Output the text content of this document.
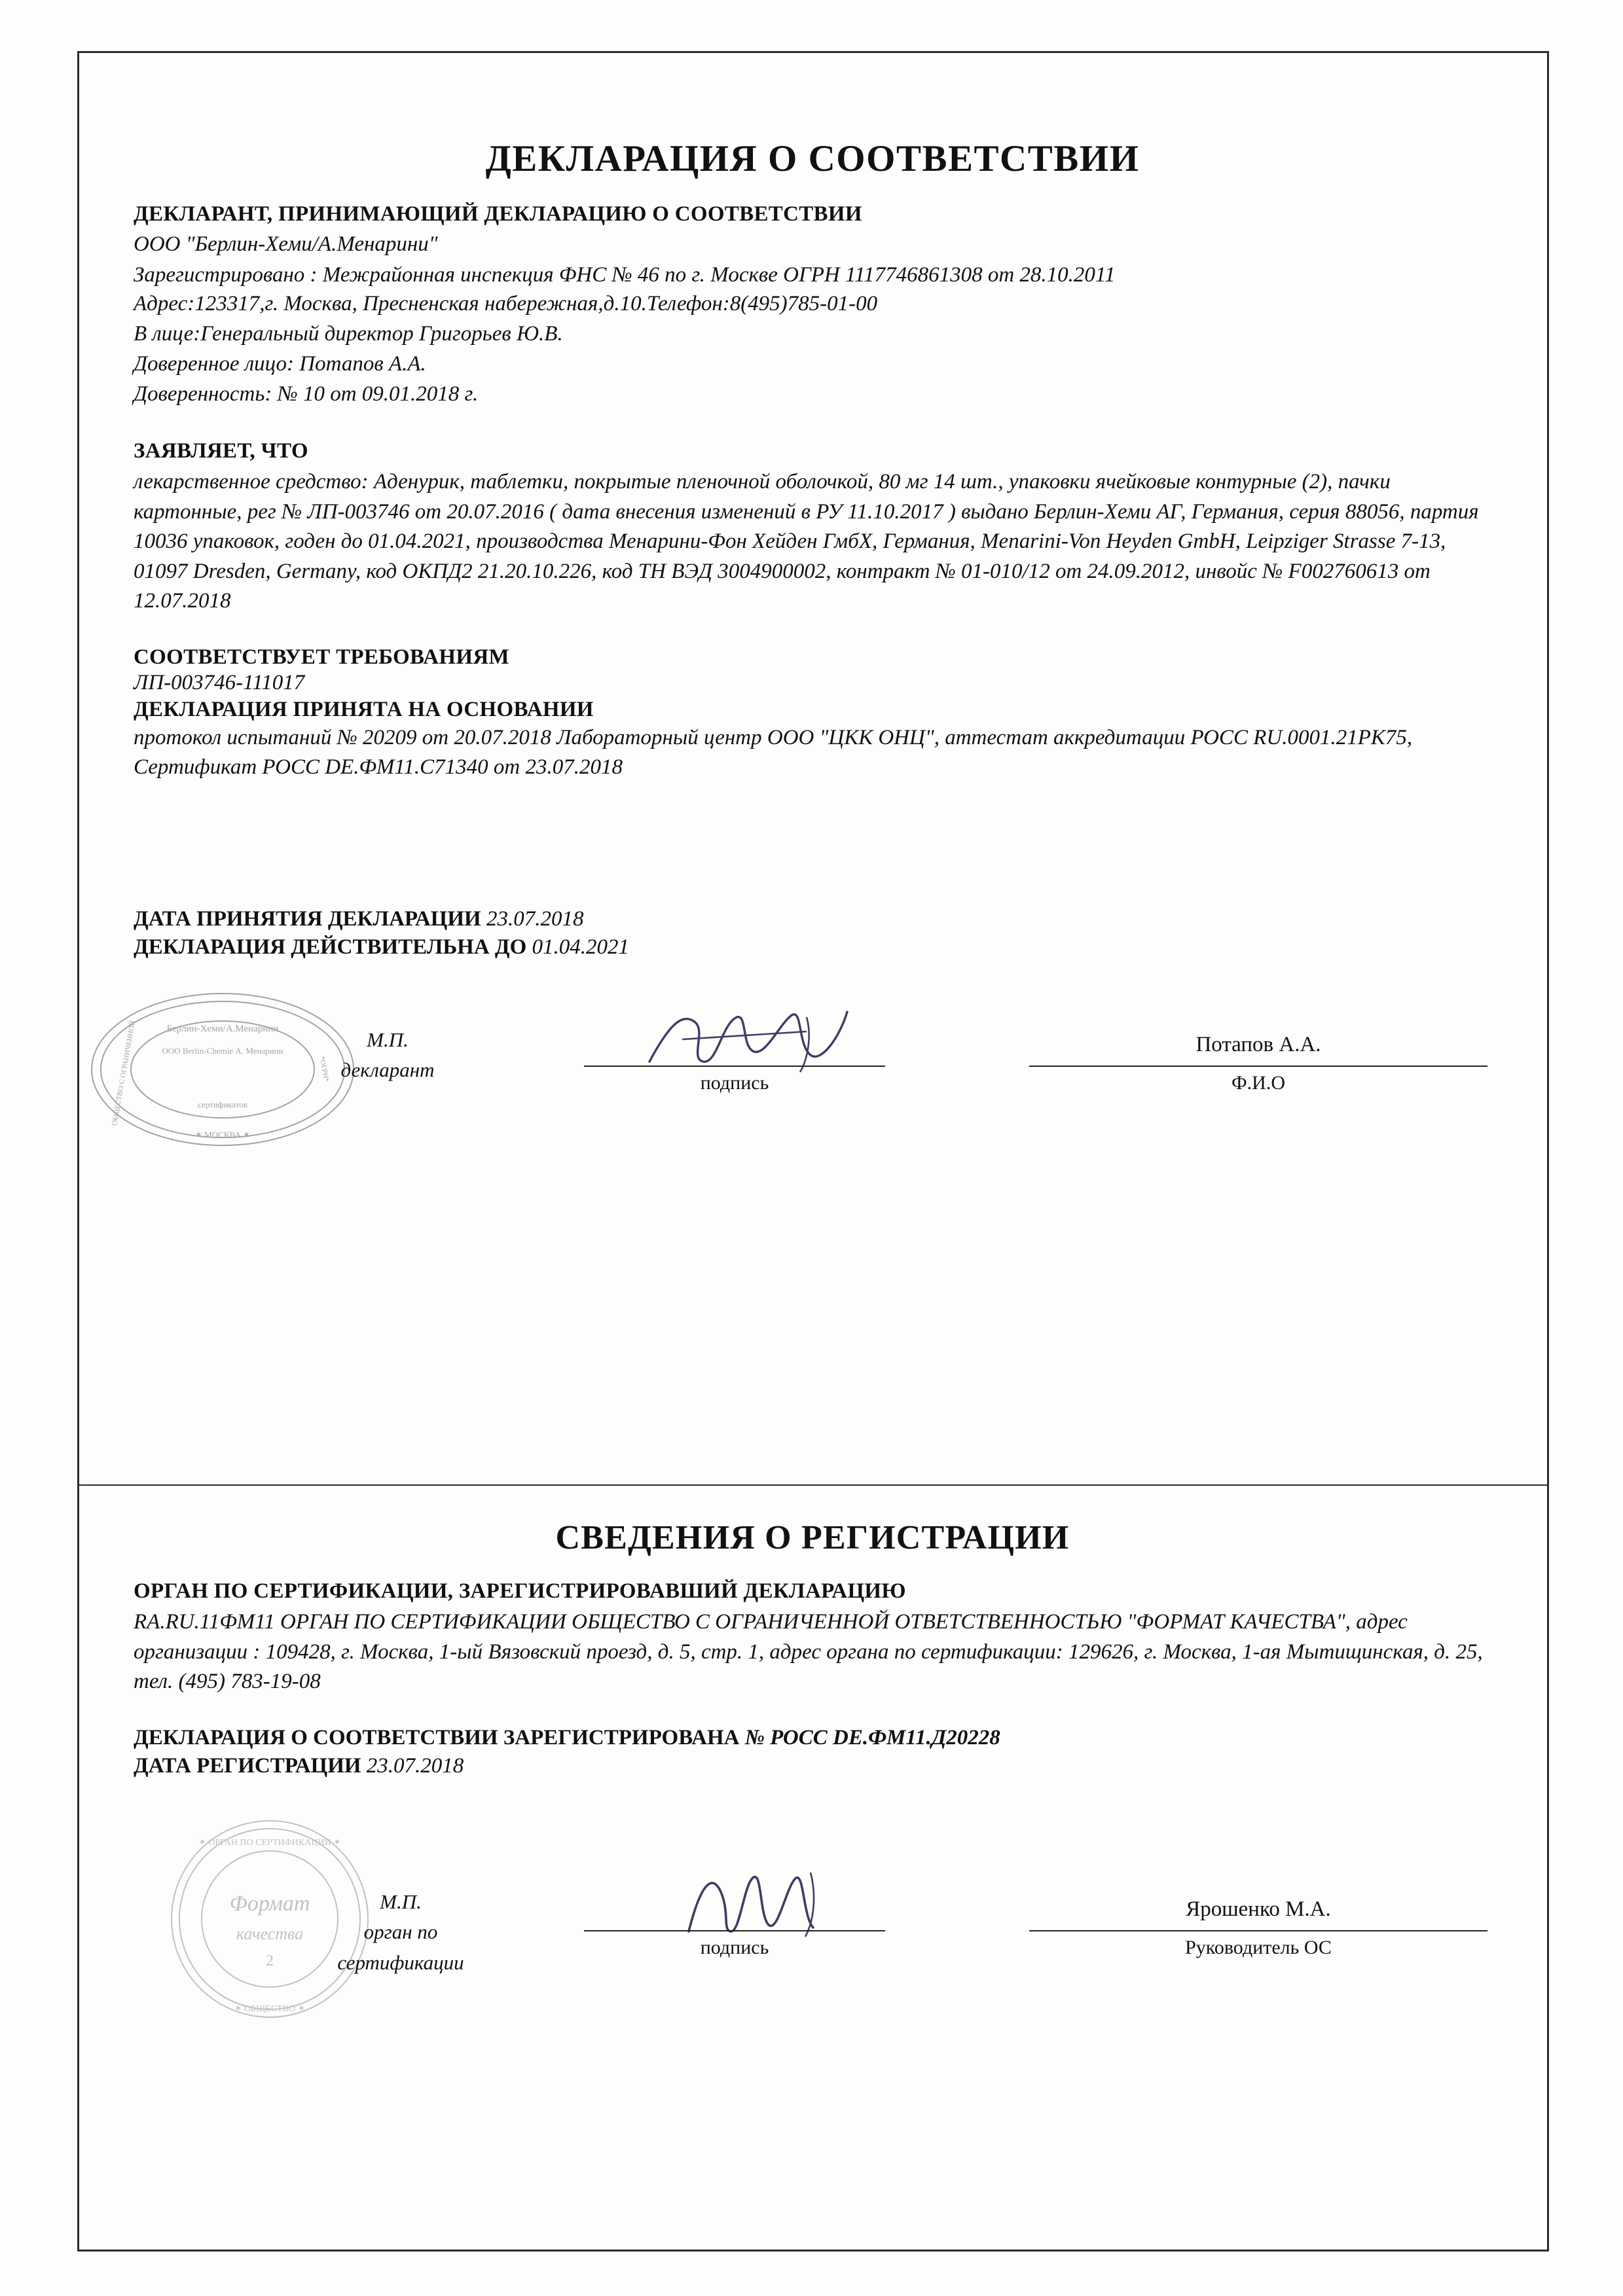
ДЕКЛАРАЦИЯ О СООТВЕТСТВИИ
ДЕКЛАРАНТ, ПРИНИМАЮЩИЙ ДЕКЛАРАЦИЮ О СООТВЕТСТВИИ
ООО "Берлин-Хеми/А.Менарини"
Зарегистрировано : Межрайонная инспекция ФНС № 46 по г. Москве ОГРН 1117746861308 от 28.10.2011
Адрес:123317,г. Москва, Пресненская набережная,д.10.Телефон:8(495)785-01-00
В лице:Генеральный директор Григорьев Ю.В.
Доверенное лицо: Потапов А.А.
Доверенность: № 10 от 09.01.2018 г.
ЗАЯВЛЯЕТ, ЧТО
лекарственное средство: Аденурик, таблетки, покрытые пленочной оболочкой, 80 мг 14 шт., упаковки ячейковые контурные (2), пачки картонные, рег № ЛП-003746 от 20.07.2016 ( дата внесения изменений в РУ 11.10.2017 ) выдано Берлин-Хеми АГ, Германия, серия 88056, партия 10036 упаковок, годен до 01.04.2021, производства Менарини-Фон Хейден ГмбХ, Германия, Menarini-Von Heyden GmbH, Leipziger Strasse 7-13, 01097 Dresden, Germany, код ОКПД2 21.20.10.226, код ТН ВЭД 3004900002, контракт № 01-010/12 от 24.09.2012, инвойс № F002760613 от 12.07.2018
СООТВЕТСТВУЕТ ТРЕБОВАНИЯМ
ЛП-003746-111017
ДЕКЛАРАЦИЯ ПРИНЯТА НА ОСНОВАНИИ
протокол испытаний № 20209 от 20.07.2018 Лабораторный центр ООО "ЦКК ОНЦ", аттестат аккредитации РОСС RU.0001.21РК75, Сертификат РОСС DE.ФМ11.С71340 от 23.07.2018
ДАТА ПРИНЯТИЯ ДЕКЛАРАЦИИ 23.07.2018
ДЕКЛАРАЦИЯ ДЕЙСТВИТЕЛЬНА ДО 01.04.2021
Берлин-Хеми/А.Менарини
ООО Berlin-Chemie А. Менарини
сертификатов
ОБЩЕСТВО С ОГРАНИЧЕННОЙ	*ОГРН*
✶ МОСКВА ✶
М.П.
декларант
подпись
Потапов А.А.
Ф.И.О
СВЕДЕНИЯ О РЕГИСТРАЦИИ
ОРГАН ПО СЕРТИФИКАЦИИ, ЗАРЕГИСТРИРОВАВШИЙ ДЕКЛАРАЦИЮ
RA.RU.11ФМ11 ОРГАН ПО СЕРТИФИКАЦИИ ОБЩЕСТВО С ОГРАНИЧЕННОЙ ОТВЕТСТВЕННОСТЬЮ "ФОРМАТ КАЧЕСТВА", адрес организации : 109428, г. Москва, 1-ый Вязовский проезд, д. 5, стр. 1, адрес органа по сертификации: 129626, г. Москва, 1-ая Мытищинская, д. 25, тел. (495) 783-19-08
ДЕКЛАРАЦИЯ О СООТВЕТСТВИИ ЗАРЕГИСТРИРОВАНА № РОСС DE.ФМ11.Д20228
ДАТА РЕГИСТРАЦИИ 23.07.2018
Формат
качества
2
✶ ОРГАН ПО СЕРТИФИКАЦИИ ✶
✶ ОБЩЕСТВО ✶
М.П.
орган по
сертификации
подпись
Ярошенко М.А.
Руководитель ОС
